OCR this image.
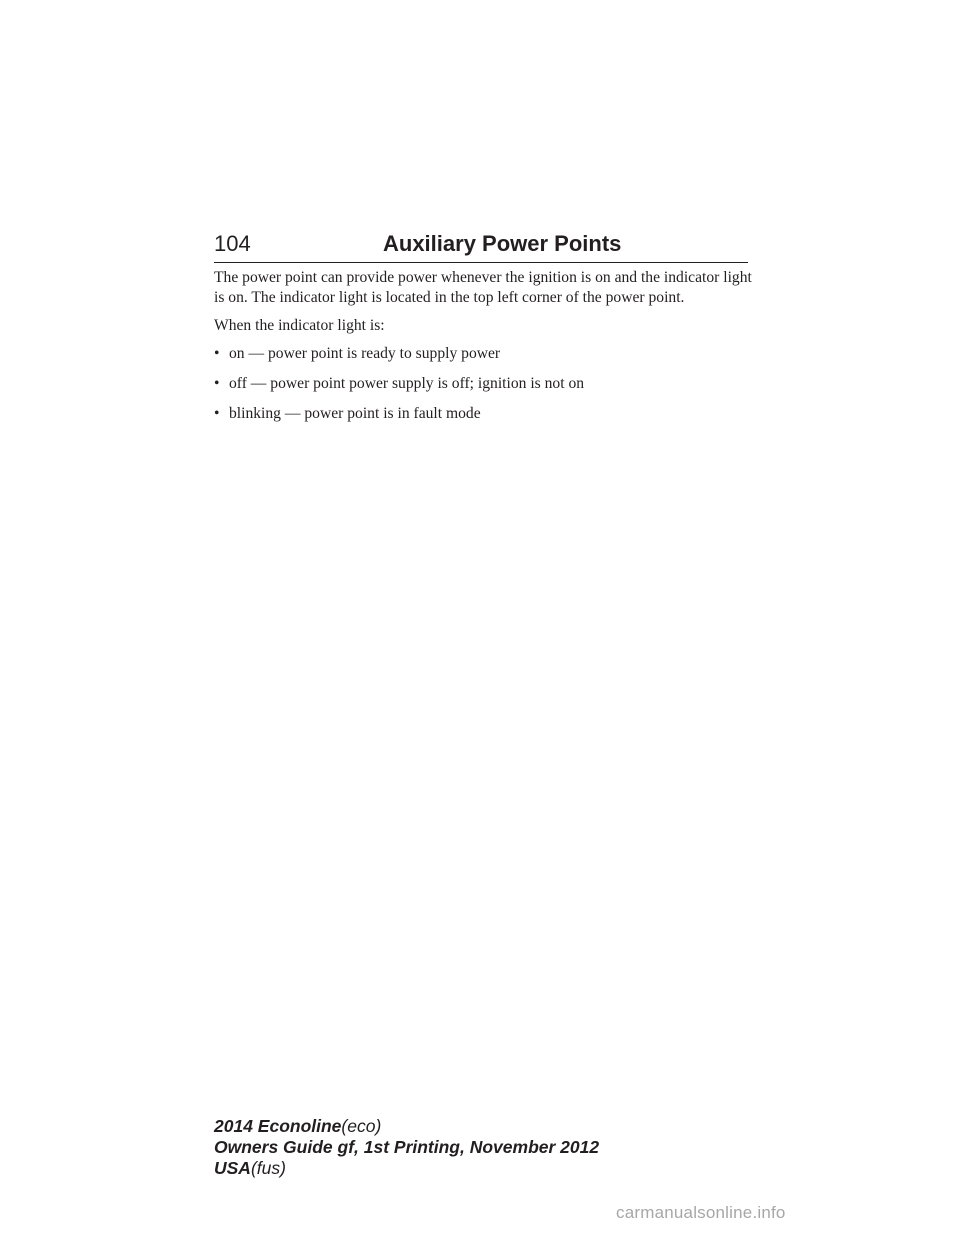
104	Auxiliary Power Points

The power point can provide power whenever the ignition is on and the indicator light is on. The indicator light is located in the top left corner of the power point.

When the indicator light is:

• on — power point is ready to supply power
• off — power point power supply is off; ignition is not on
• blinking — power point is in fault mode
2014 Econoline(eco)
Owners Guide gf, 1st Printing, November 2012
USA(fus)
carmanualsonline.info
